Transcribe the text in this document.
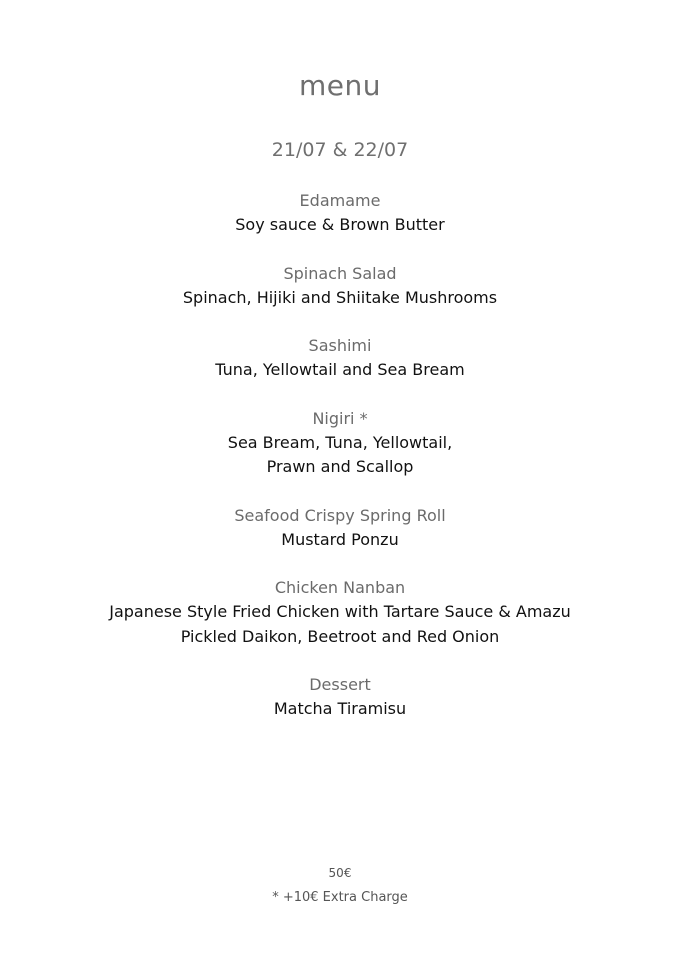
menu
21/07 & 22/07
Edamame
Soy sauce & Brown Butter
Spinach Salad
Spinach, Hijiki and Shiitake Mushrooms
Sashimi
Tuna, Yellowtail and Sea Bream
Nigiri *
Sea Bream, Tuna, Yellowtail,
Prawn and Scallop
Seafood Crispy Spring Roll
Mustard Ponzu
Chicken Nanban
Japanese Style Fried Chicken with Tartare Sauce & Amazu
Pickled Daikon, Beetroot and Red Onion
Dessert
Matcha Tiramisu
50€
* +10€ Extra Charge
